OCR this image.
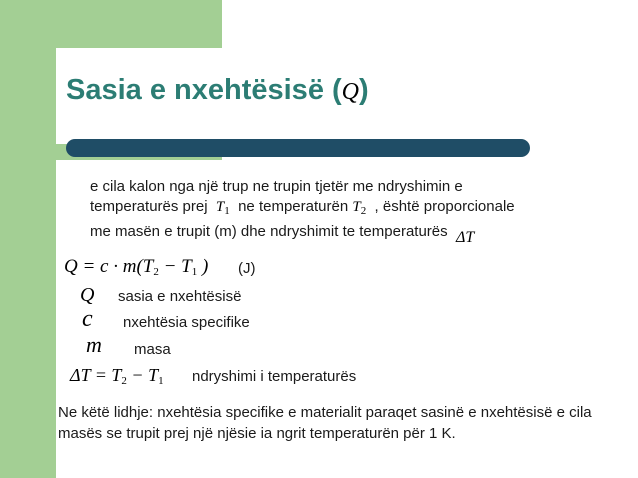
Sasia e nxehtësisë (Q)
e cila kalon nga një trup ne trupin tjetër me ndryshimin e
temperaturës prej $T_1$ ne temperaturën $T_2$ , është proporcionale
me masën e trupit (m) dhe ndryshimit te temperaturës ΔT
$Q = c \cdot m(T_2 - T_1$ ) (J)
Q sasia e nxehtësisë
c nxehtësia specifike
m masa
$\Delta T = T_2 - T_1$ ndryshimi i temperaturës
Ne këtë lidhje: nxehtësia specifike e materialit paraqet sasinë e nxehtësisë e cila masës se trupit prej një njësie ia ngrit temperaturën për 1 K.
